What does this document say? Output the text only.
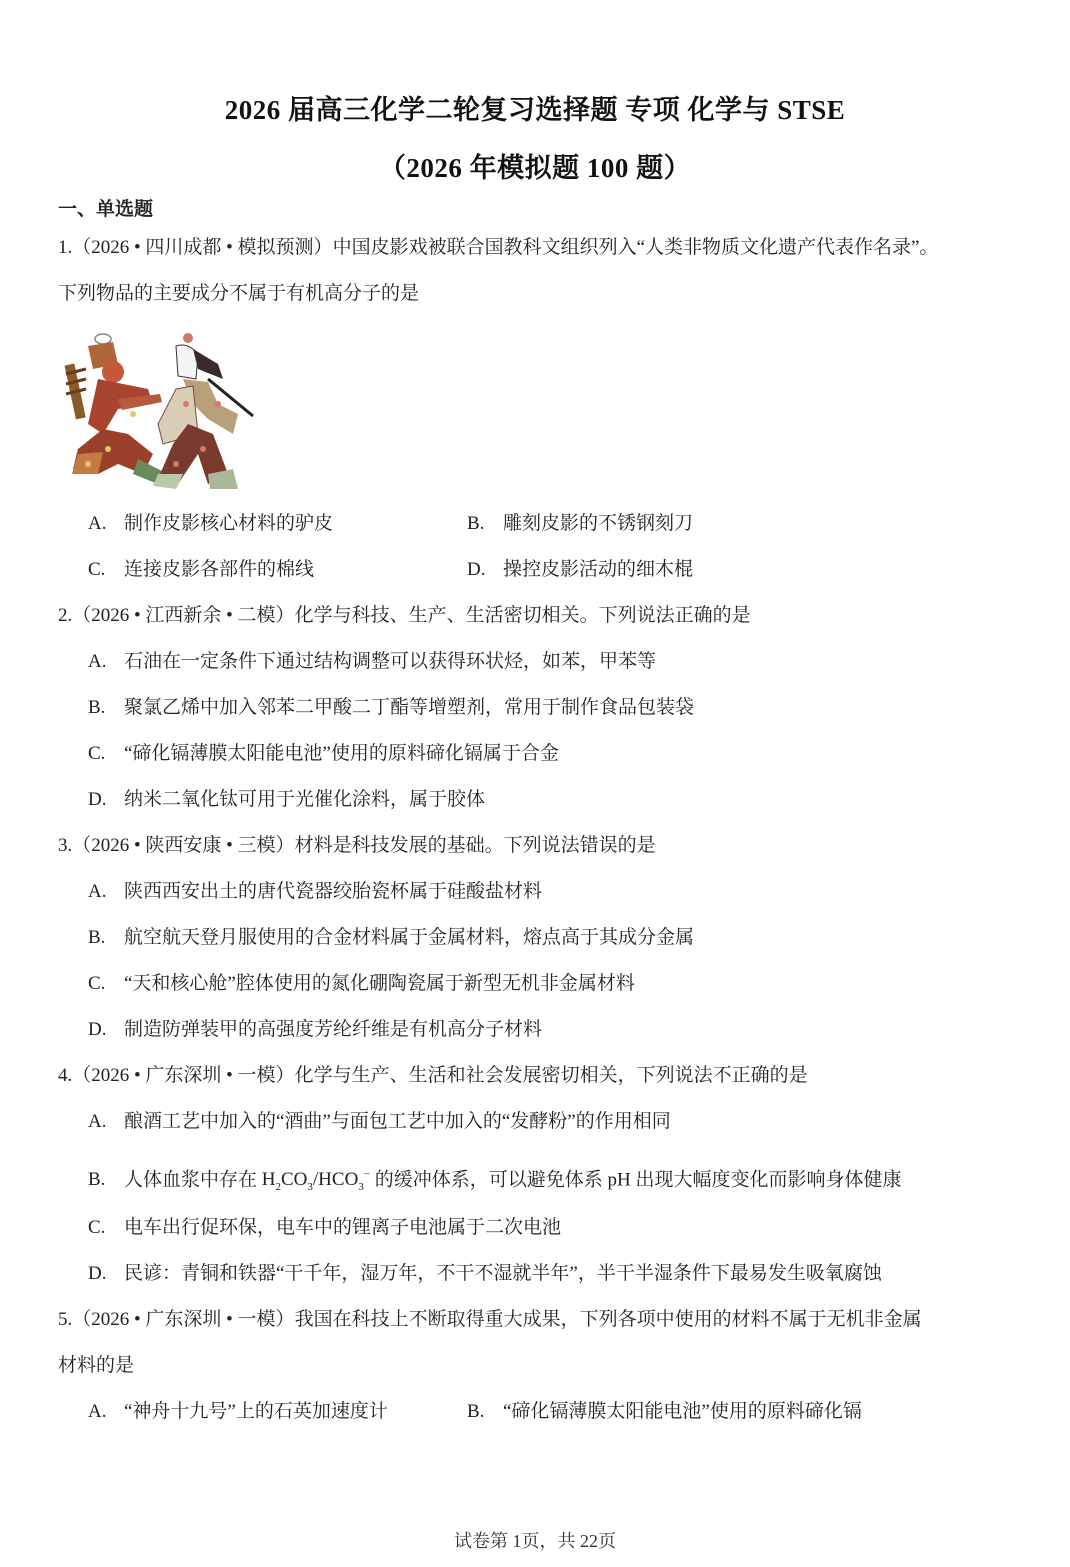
2026 届高三化学二轮复习选择题 专项 化学与 STSE
（2026 年模拟题 100 题）
一、单选题
1.（2026 • 四川成都 • 模拟预测）中国皮影戏被联合国教科文组织列入“人类非物质文化遗产代表作名录”。
下列物品的主要成分不属于有机高分子的是
A. 制作皮影核心材料的驴皮	B. 雕刻皮影的不锈钢刻刀
C. 连接皮影各部件的棉线	D. 操控皮影活动的细木棍
2.（2026 • 江西新余 • 二模）化学与科技、生产、生活密切相关。下列说法正确的是
A. 石油在一定条件下通过结构调整可以获得环状烃，如苯，甲苯等
B. 聚氯乙烯中加入邻苯二甲酸二丁酯等增塑剂，常用于制作食品包装袋
C. “碲化镉薄膜太阳能电池”使用的原料碲化镉属于合金
D. 纳米二氧化钛可用于光催化涂料，属于胶体
3.（2026 • 陕西安康 • 三模）材料是科技发展的基础。下列说法错误的是
A. 陕西西安出土的唐代瓷器绞胎瓷杯属于硅酸盐材料
B. 航空航天登月服使用的合金材料属于金属材料，熔点高于其成分金属
C. “天和核心舱”腔体使用的氮化硼陶瓷属于新型无机非金属材料
D. 制造防弹装甲的高强度芳纶纤维是有机高分子材料
4.（2026 • 广东深圳 • 一模）化学与生产、生活和社会发展密切相关，下列说法不正确的是
A. 酿酒工艺中加入的“酒曲”与面包工艺中加入的“发酵粉”的作用相同
B. 人体血浆中存在 $H_2CO_3/HCO_3^-$ 的缓冲体系，可以避免体系 pH 出现大幅度变化而影响身体健康
C. 电车出行促环保，电车中的锂离子电池属于二次电池
D. 民谚：青铜和铁器“干千年，湿万年，不干不湿就半年”，半干半湿条件下最易发生吸氧腐蚀
5.（2026 • 广东深圳 • 一模）我国在科技上不断取得重大成果，下列各项中使用的材料不属于无机非金属
材料的是
A. “神舟十九号”上的石英加速度计	B. “碲化镉薄膜太阳能电池”使用的原料碲化镉
试卷第 1页，共 22页
